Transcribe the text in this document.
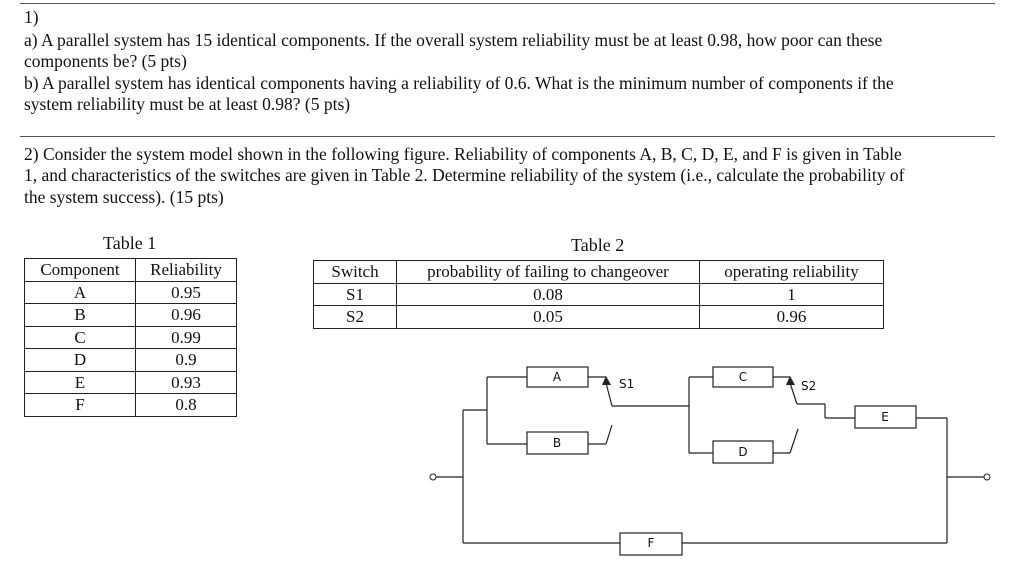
1)
a) A parallel system has 15 identical components. If the overall system reliability must be at least 0.98, how poor can these
components be? (5 pts)
b) A parallel system has identical components having a reliability of 0.6. What is the minimum number of components if the
system reliability must be at least 0.98? (5 pts)
2) Consider the system model shown in the following figure. Reliability of components A, B, C, D, E, and F is given in Table
1, and characteristics of the switches are given in Table 2. Determine reliability of the system (i.e., calculate the probability of
the system success). (15 pts)
Table 1
Component	Reliability
A	0.95
B	0.96
C	0.99
D	0.9
E	0.93
F	0.8
Table 2
Switch	probability of failing to changeover	operating reliability
S1	0.08	1
S2	0.05	0.96
A
B
C
D
E
F
S1	S2
